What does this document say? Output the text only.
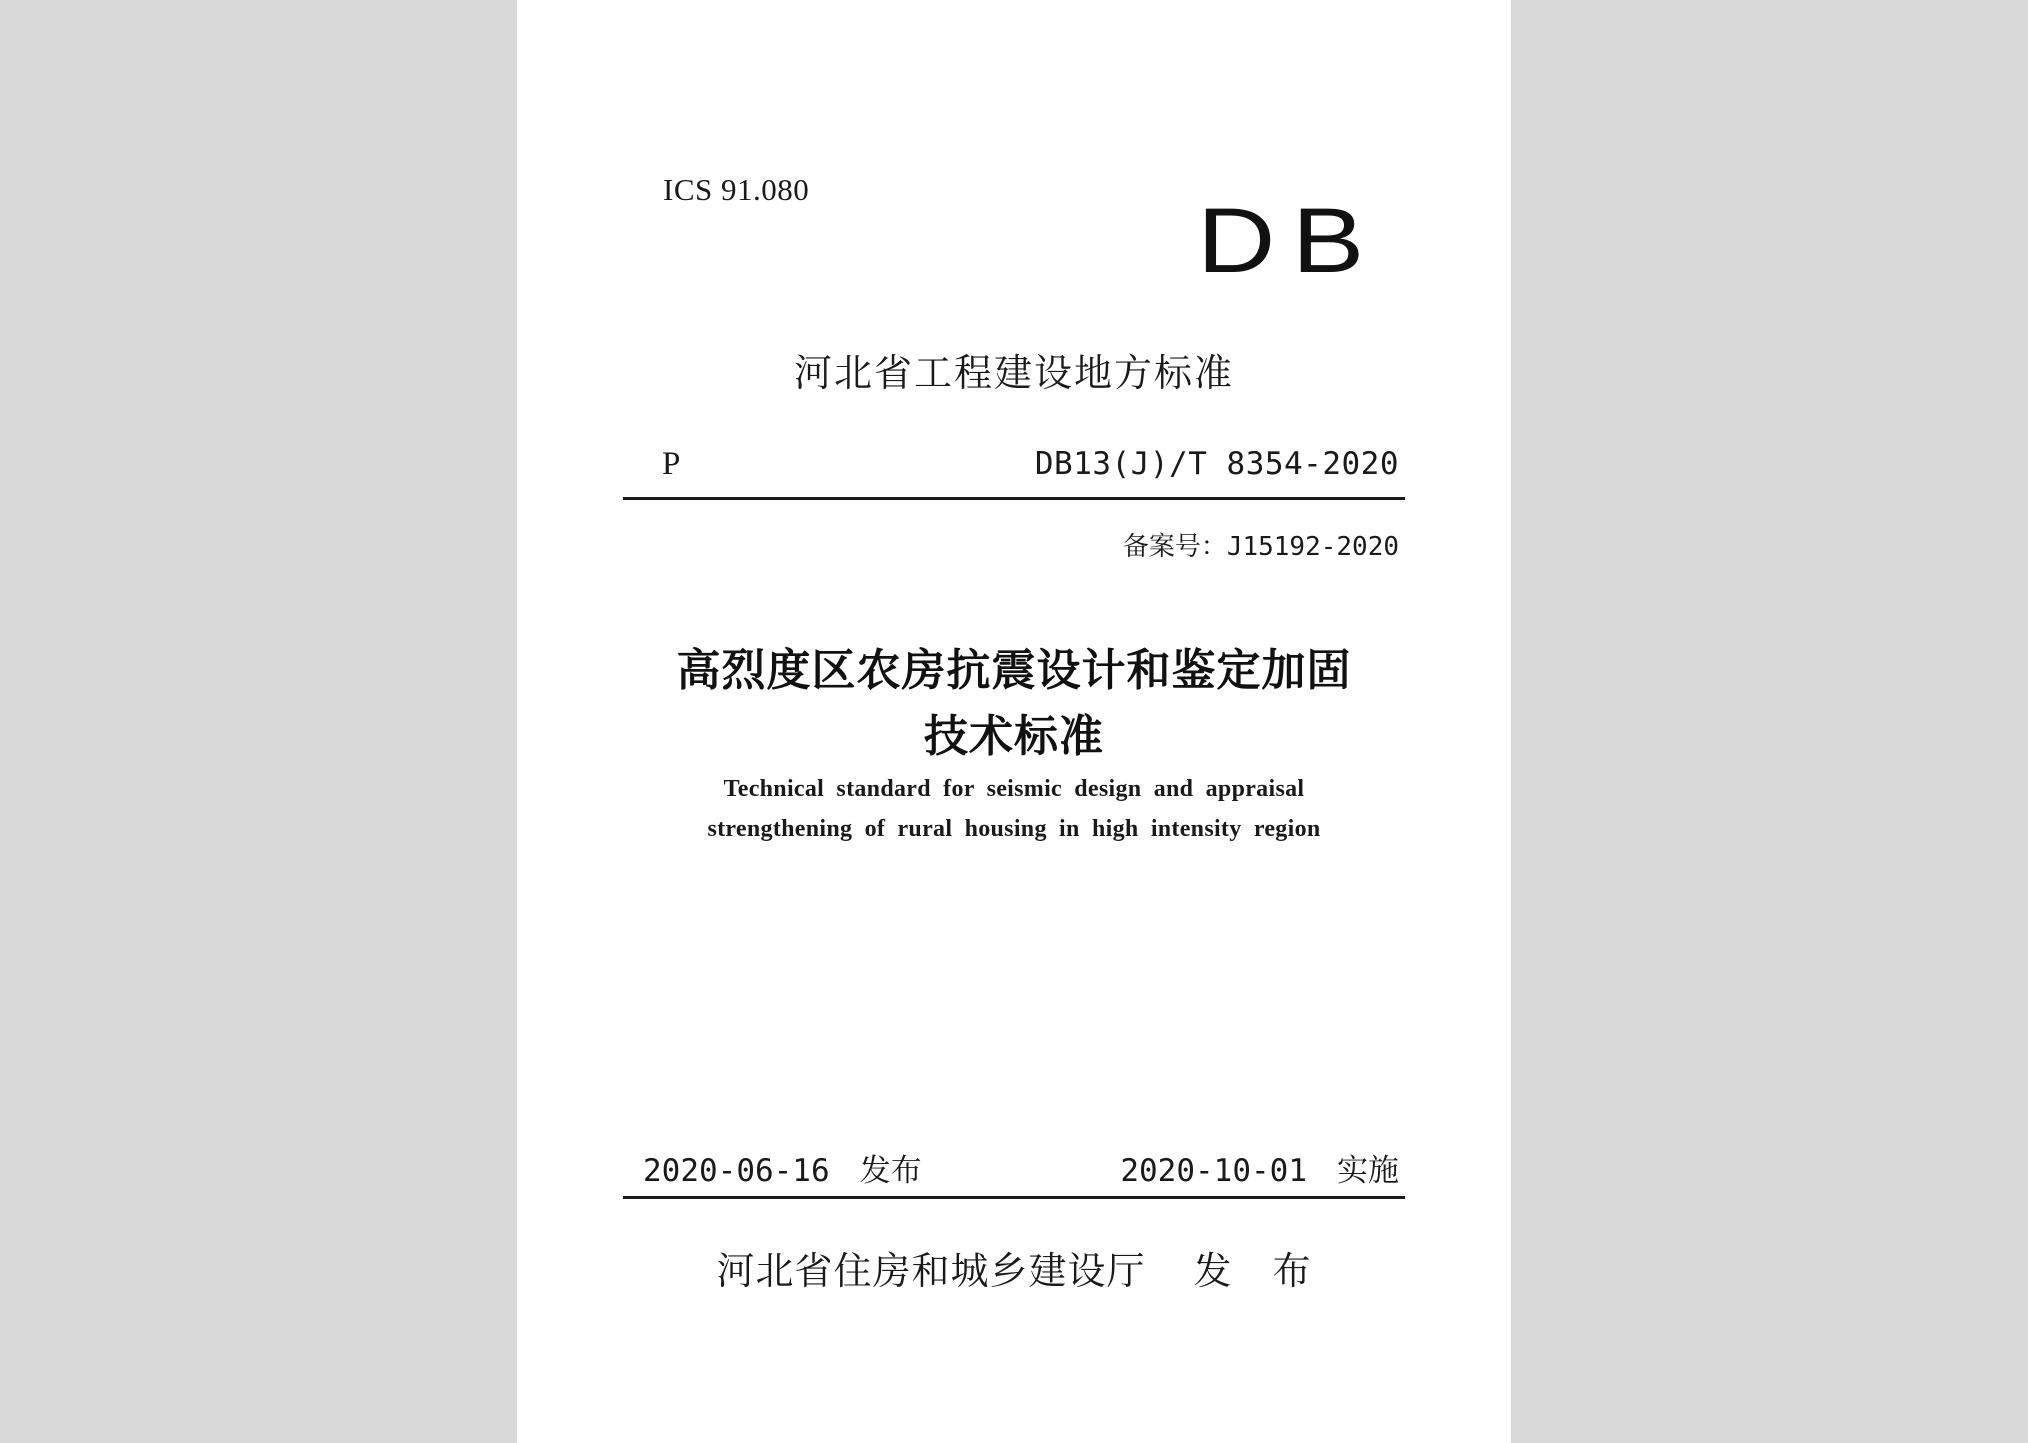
ICS 91.080
DB
河北省工程建设地方标准
P	DB13(J)/T 8354-2020
备案号：J15192-2020
高烈度区农房抗震设计和鉴定加固
技术标准
Technical standard for seismic design and appraisal
strengthening of rural housing in high intensity region
2020-06-16 发布	2020-10-01 实施
河北省住房和城乡建设厅 发 布
